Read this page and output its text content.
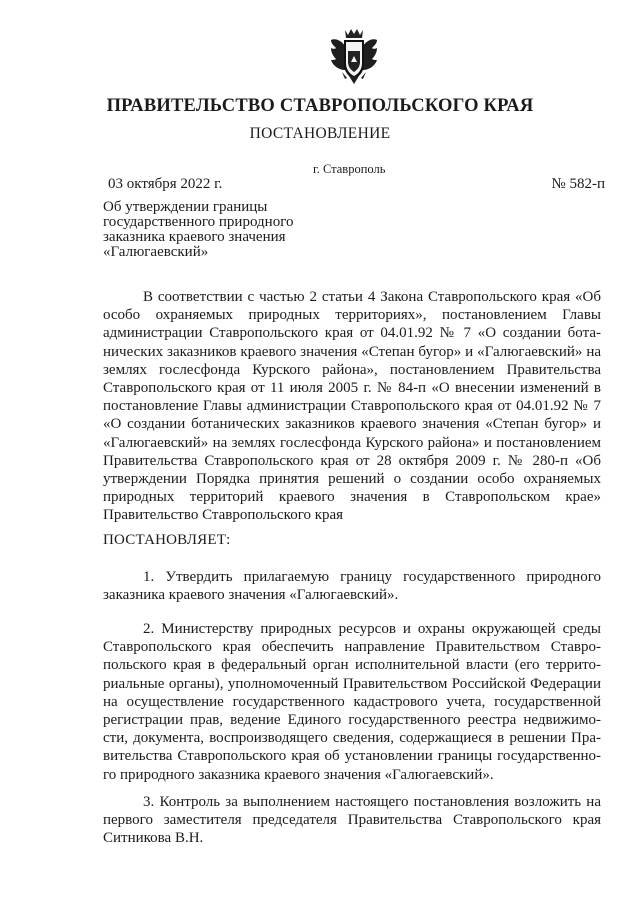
ПРАВИТЕЛЬСТВО СТАВРОПОЛЬСКОГО КРАЯ
ПОСТАНОВЛЕНИЕ
г. Ставрополь
03 октября 2022 г.	№ 582-п
Об утверждении границы
государственного природного
заказника краевого значения
«Галюгаевский»

В соответствии с частью 2 статьи 4 Закона Ставропольского края «Об особо охраняемых природных территориях», постановлением Главы администрации Ставропольского края от 04.01.92 № 7 «О создании ботанических заказников краевого значения «Степан бугор» и «Галюгаевский» на землях гослесфонда Курского района», постановлением Правительства Ставропольского края от 11 июля 2005 г. № 84-п «О внесении изменений в постановление Главы администрации Ставропольского края от 04.01.92 № 7 «О создании ботанических заказников краевого значения «Степан бугор» и «Галюгаевский» на землях гослесфонда Курского района» и постановлением Правительства Ставропольского края от 28 октября 2009 г. № 280-п «Об утверждении Порядка принятия решений о создании особо охраняемых природных территорий краевого значения в Ставропольском крае» Правительство Ставропольского края

ПОСТАНОВЛЯЕТ:

1. Утвердить прилагаемую границу государственного природного заказника краевого значения «Галюгаевский».

2. Министерству природных ресурсов и охраны окружающей среды Ставропольского края обеспечить направление Правительством Ставропольского края в федеральный орган исполнительной власти (его территориальные органы), уполномоченный Правительством Российской Федерации на осуществление государственного кадастрового учета, государственной регистрации прав, ведение Единого государственного реестра недвижимости, документа, воспроизводящего сведения, содержащиеся в решении Правительства Ставропольского края об установлении границы государственного природного заказника краевого значения «Галюгаевский».

3. Контроль за выполнением настоящего постановления возложить на первого заместителя председателя Правительства Ставропольского края Ситникова В.Н.
